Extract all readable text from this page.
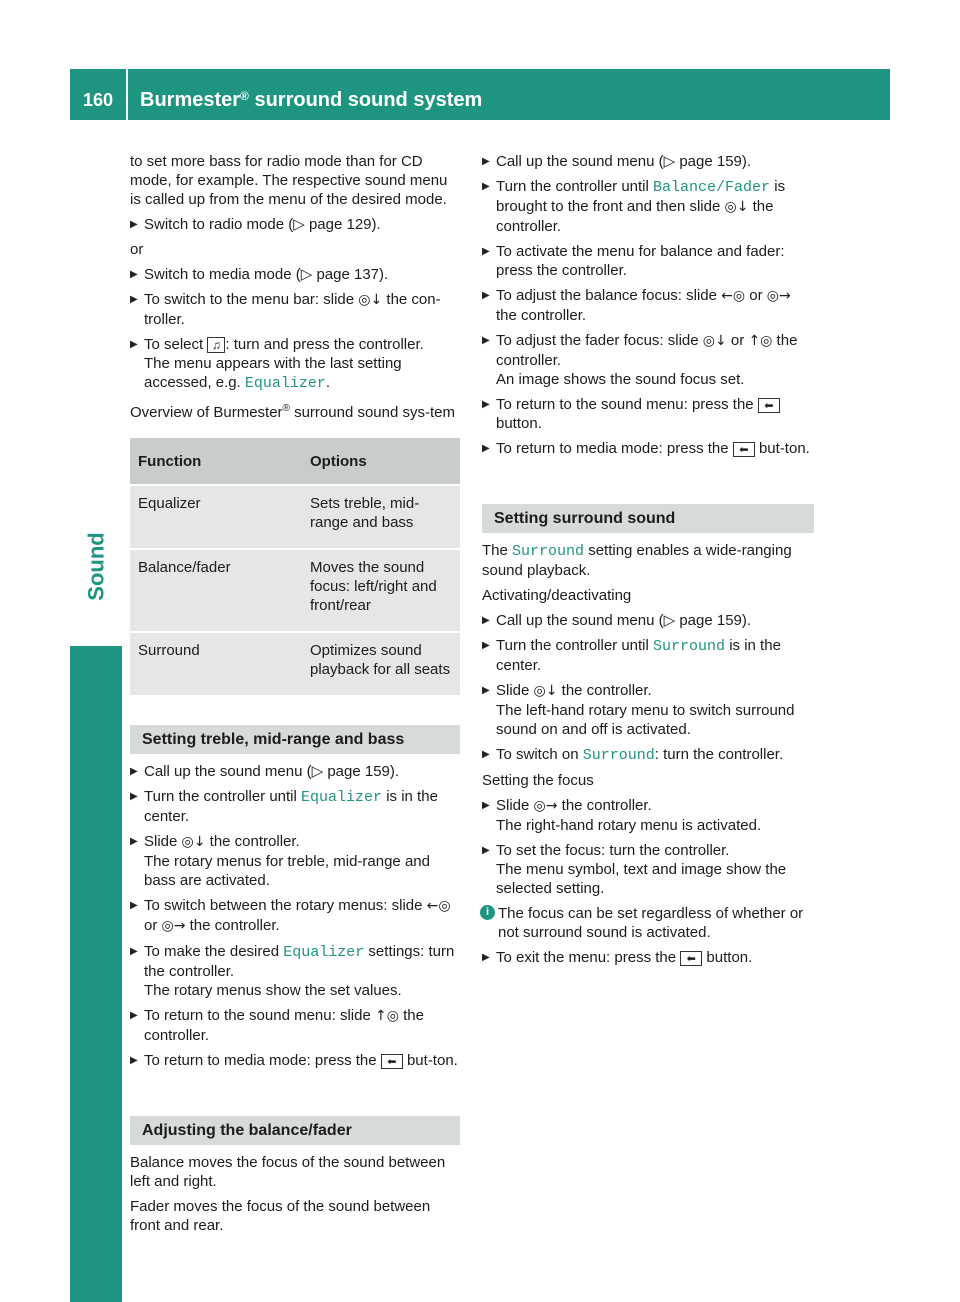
160	Burmester® surround sound system
Sound

to set more bass for radio mode than for CD mode, for example. The respective sound menu is called up from the menu of the desired mode.

▶ Switch to radio mode (▷ page 129).

or

▶ Switch to media mode (▷ page 137).
▶ To switch to the menu bar: slide ◎↓ the con-troller.
▶ To select ♫ : turn and press the controller.
The menu appears with the last setting accessed, e.g. Equalizer.

Overview of Burmester® surround sound sys-tem

Function	Options
Equalizer	Sets treble, mid-range and bass
Balance/fader	Moves the sound focus: left/right and front/rear
Surround	Optimizes sound playback for all seats
Setting treble, mid-range and bass
▶ Call up the sound menu (▷ page 159).
▶ Turn the controller until Equalizer is in the center.
▶ Slide ◎↓ the controller.
The rotary menus for treble, mid-range and bass are activated.
▶ To switch between the rotary menus: slide ←◎ or ◎→ the controller.
▶ To make the desired Equalizer settings: turn the controller.
The rotary menus show the set values.
▶ To return to the sound menu: slide ↑◎ the controller.
▶ To return to media mode: press the ⬅ but-ton.
Adjusting the balance/fader

Balance moves the focus of the sound between left and right.

Fader moves the focus of the sound between front and rear.

▶ Call up the sound menu (▷ page 159).
▶ Turn the controller until Balance/Fader is brought to the front and then slide ◎↓ the controller.
▶ To activate the menu for balance and fader: press the controller.
▶ To adjust the balance focus: slide ←◎ or ◎→ the controller.
▶ To adjust the fader focus: slide ◎↓ or ↑◎ the controller.
An image shows the sound focus set.
▶ To return to the sound menu: press the ⬅ button.
▶ To return to media mode: press the ⬅ but-ton.
Setting surround sound

The Surround setting enables a wide-ranging sound playback.

Activating/deactivating

▶ Call up the sound menu (▷ page 159).
▶ Turn the controller until Surround is in the center.
▶ Slide ◎↓ the controller.
The left-hand rotary menu to switch surround sound on and off is activated.
▶ To switch on Surround: turn the controller.

Setting the focus

▶ Slide ◎→ the controller.
The right-hand rotary menu is activated.
▶ To set the focus: turn the controller.
The menu symbol, text and image show the selected setting.
i The focus can be set regardless of whether or not surround sound is activated.
▶ To exit the menu: press the ⬅ button.
